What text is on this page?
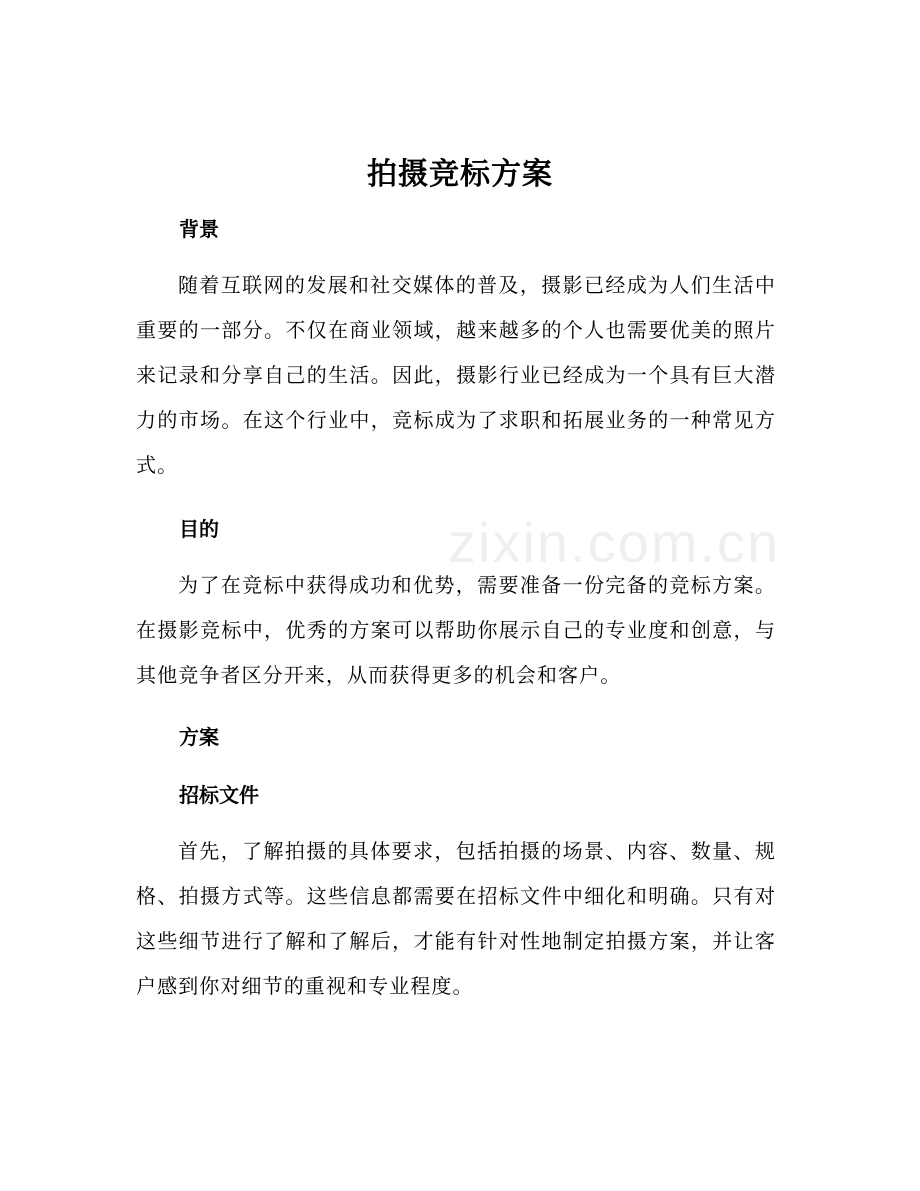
zixin.com.cn
拍摄竞标方案
背景

随着互联网的发展和社交媒体的普及，摄影已经成为人们生活中重要的一部分。不仅在商业领域，越来越多的个人也需要优美的照片来记录和分享自己的生活。因此，摄影行业已经成为一个具有巨大潜力的市场。在这个行业中，竞标成为了求职和拓展业务的一种常见方式。

目的

为了在竞标中获得成功和优势，需要准备一份完备的竞标方案。在摄影竞标中，优秀的方案可以帮助你展示自己的专业度和创意，与其他竞争者区分开来，从而获得更多的机会和客户。

方案
招标文件

首先，了解拍摄的具体要求，包括拍摄的场景、内容、数量、规格、拍摄方式等。这些信息都需要在招标文件中细化和明确。只有对这些细节进行了解和了解后，才能有针对性地制定拍摄方案，并让客户感到你对细节的重视和专业程度。
